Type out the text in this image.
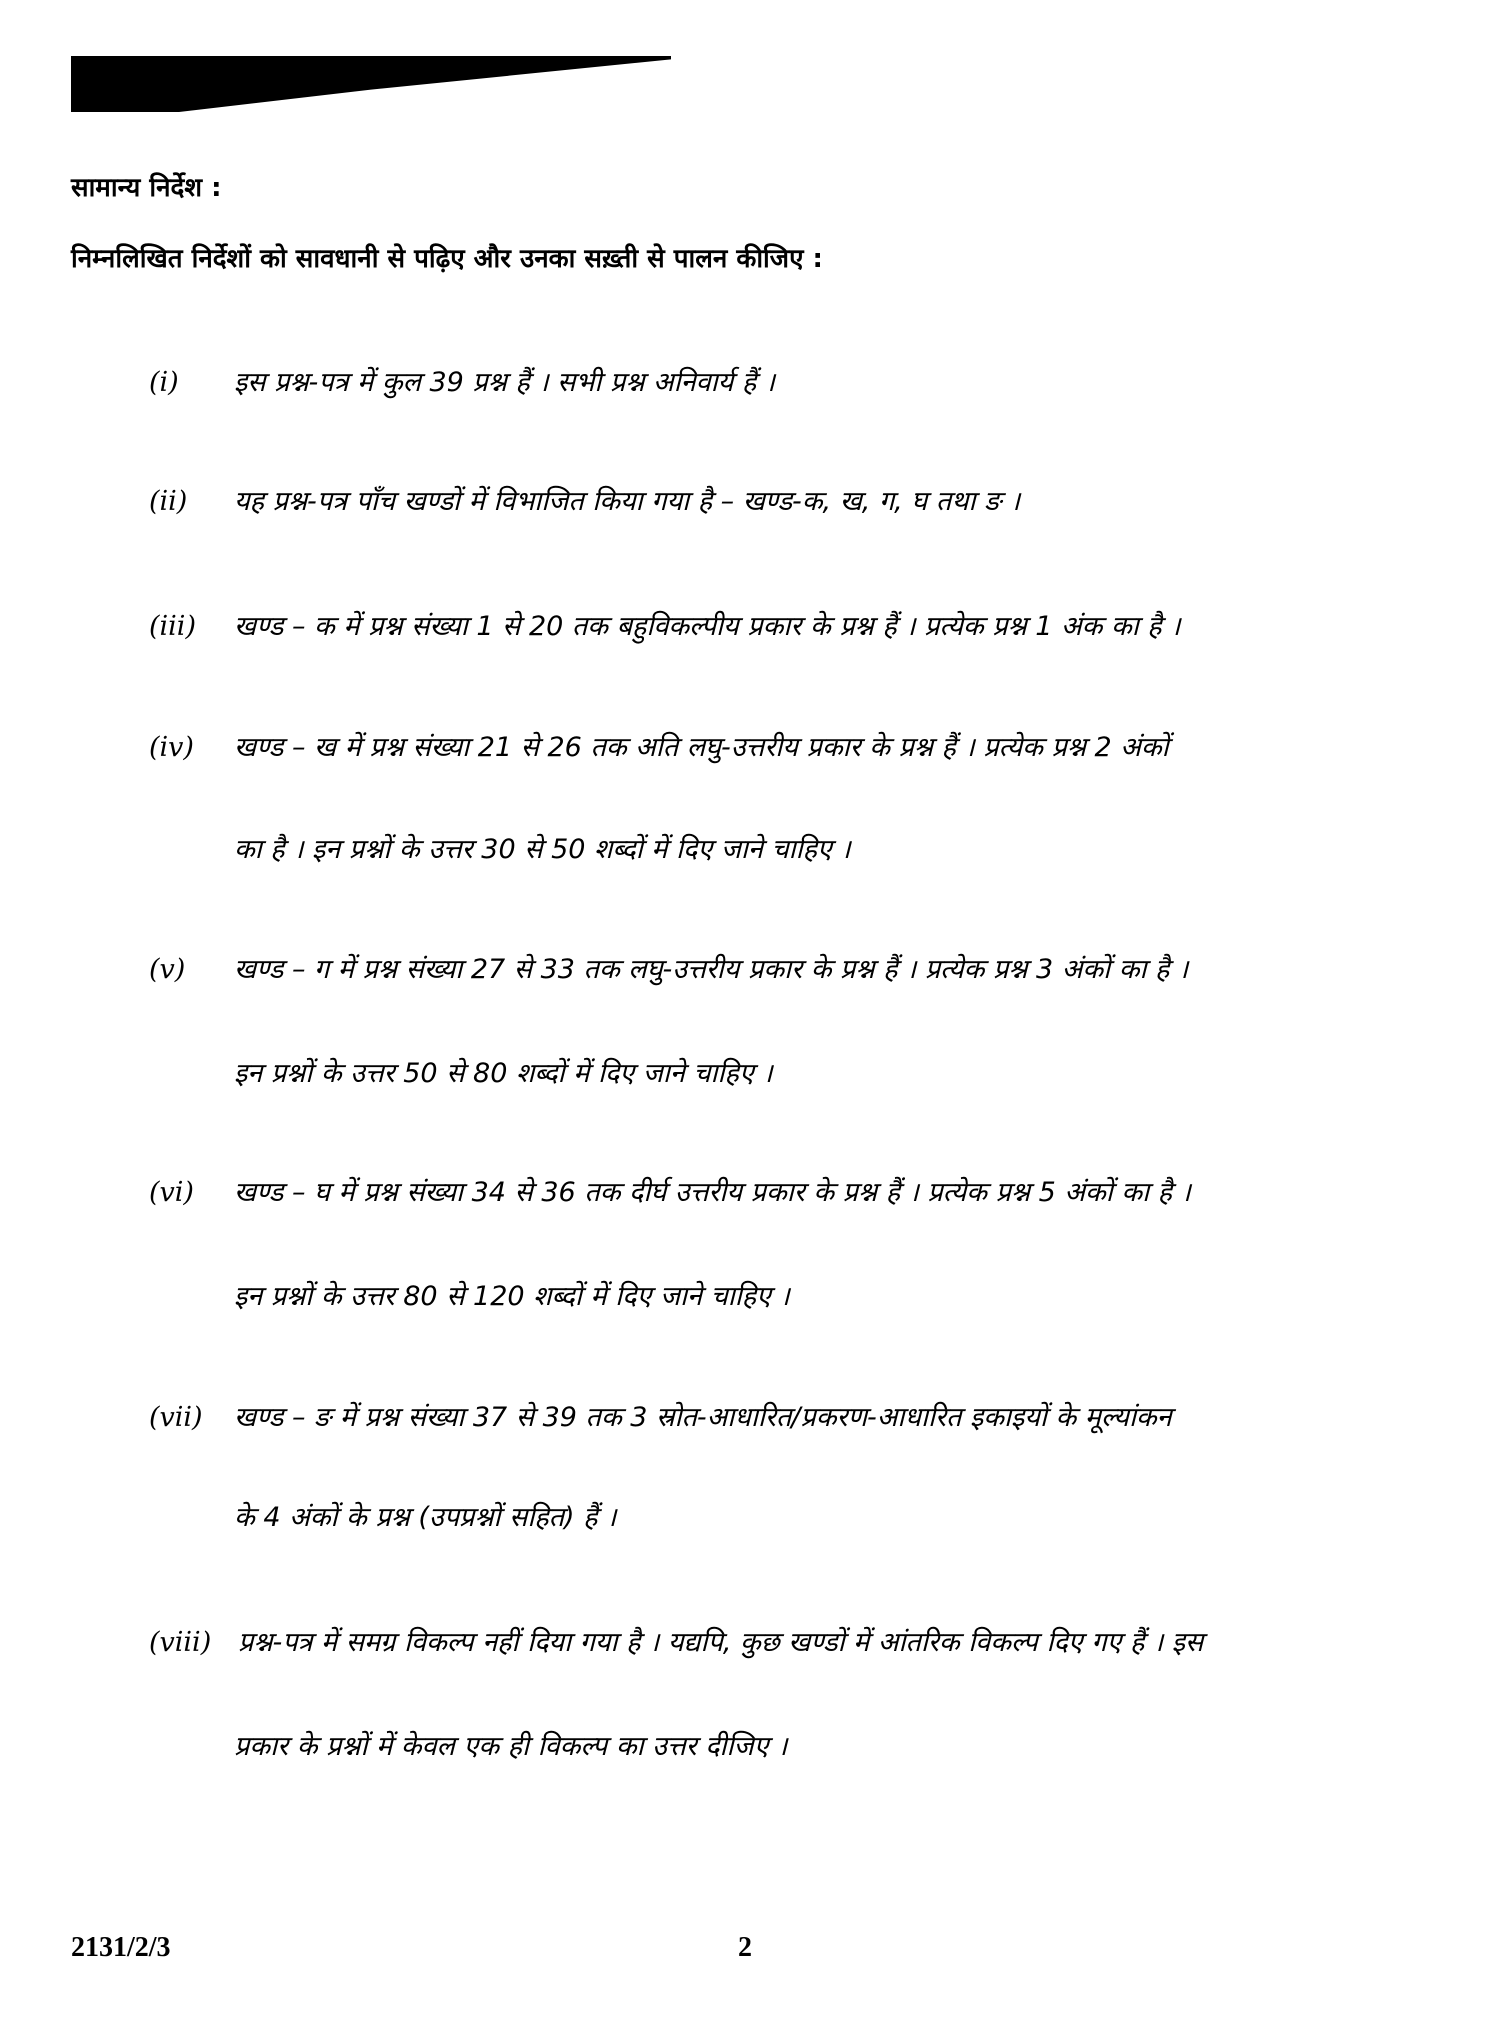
सामान्य निर्देश :
निम्नलिखित निर्देशों को सावधानी से पढ़िए और उनका सख़्ती से पालन कीजिए :
(i) इस प्रश्न-पत्र में कुल 39 प्रश्न हैं । सभी प्रश्न अनिवार्य हैं ।
(ii) यह प्रश्न-पत्र पाँच खण्डों में विभाजित किया गया है – खण्ड-क, ख, ग, घ तथा ङ ।
(iii) खण्ड – क में प्रश्न संख्या 1 से 20 तक बहुविकल्पीय प्रकार के प्रश्न हैं । प्रत्येक प्रश्न 1 अंक का है ।
(iv) खण्ड – ख में प्रश्न संख्या 21 से 26 तक अति लघु-उत्तरीय प्रकार के प्रश्न हैं । प्रत्येक प्रश्न 2 अंकों
का है । इन प्रश्नों के उत्तर 30 से 50 शब्दों में दिए जाने चाहिए ।
(v) खण्ड – ग में प्रश्न संख्या 27 से 33 तक लघु-उत्तरीय प्रकार के प्रश्न हैं । प्रत्येक प्रश्न 3 अंकों का है ।
इन प्रश्नों के उत्तर 50 से 80 शब्दों में दिए जाने चाहिए ।
(vi) खण्ड – घ में प्रश्न संख्या 34 से 36 तक दीर्घ उत्तरीय प्रकार के प्रश्न हैं । प्रत्येक प्रश्न 5 अंकों का है ।
इन प्रश्नों के उत्तर 80 से 120 शब्दों में दिए जाने चाहिए ।
(vii) खण्ड – ङ में प्रश्न संख्या 37 से 39 तक 3 स्रोत-आधारित/प्रकरण-आधारित इकाइयों के मूल्यांकन
के 4 अंकों के प्रश्न (उपप्रश्नों सहित) हैं ।
(viii) प्रश्न-पत्र में समग्र विकल्प नहीं दिया गया है । यद्यपि, कुछ खण्डों में आंतरिक विकल्प दिए गए हैं । इस
प्रकार के प्रश्नों में केवल एक ही विकल्प का उत्तर दीजिए ।
2131/2/3	2
